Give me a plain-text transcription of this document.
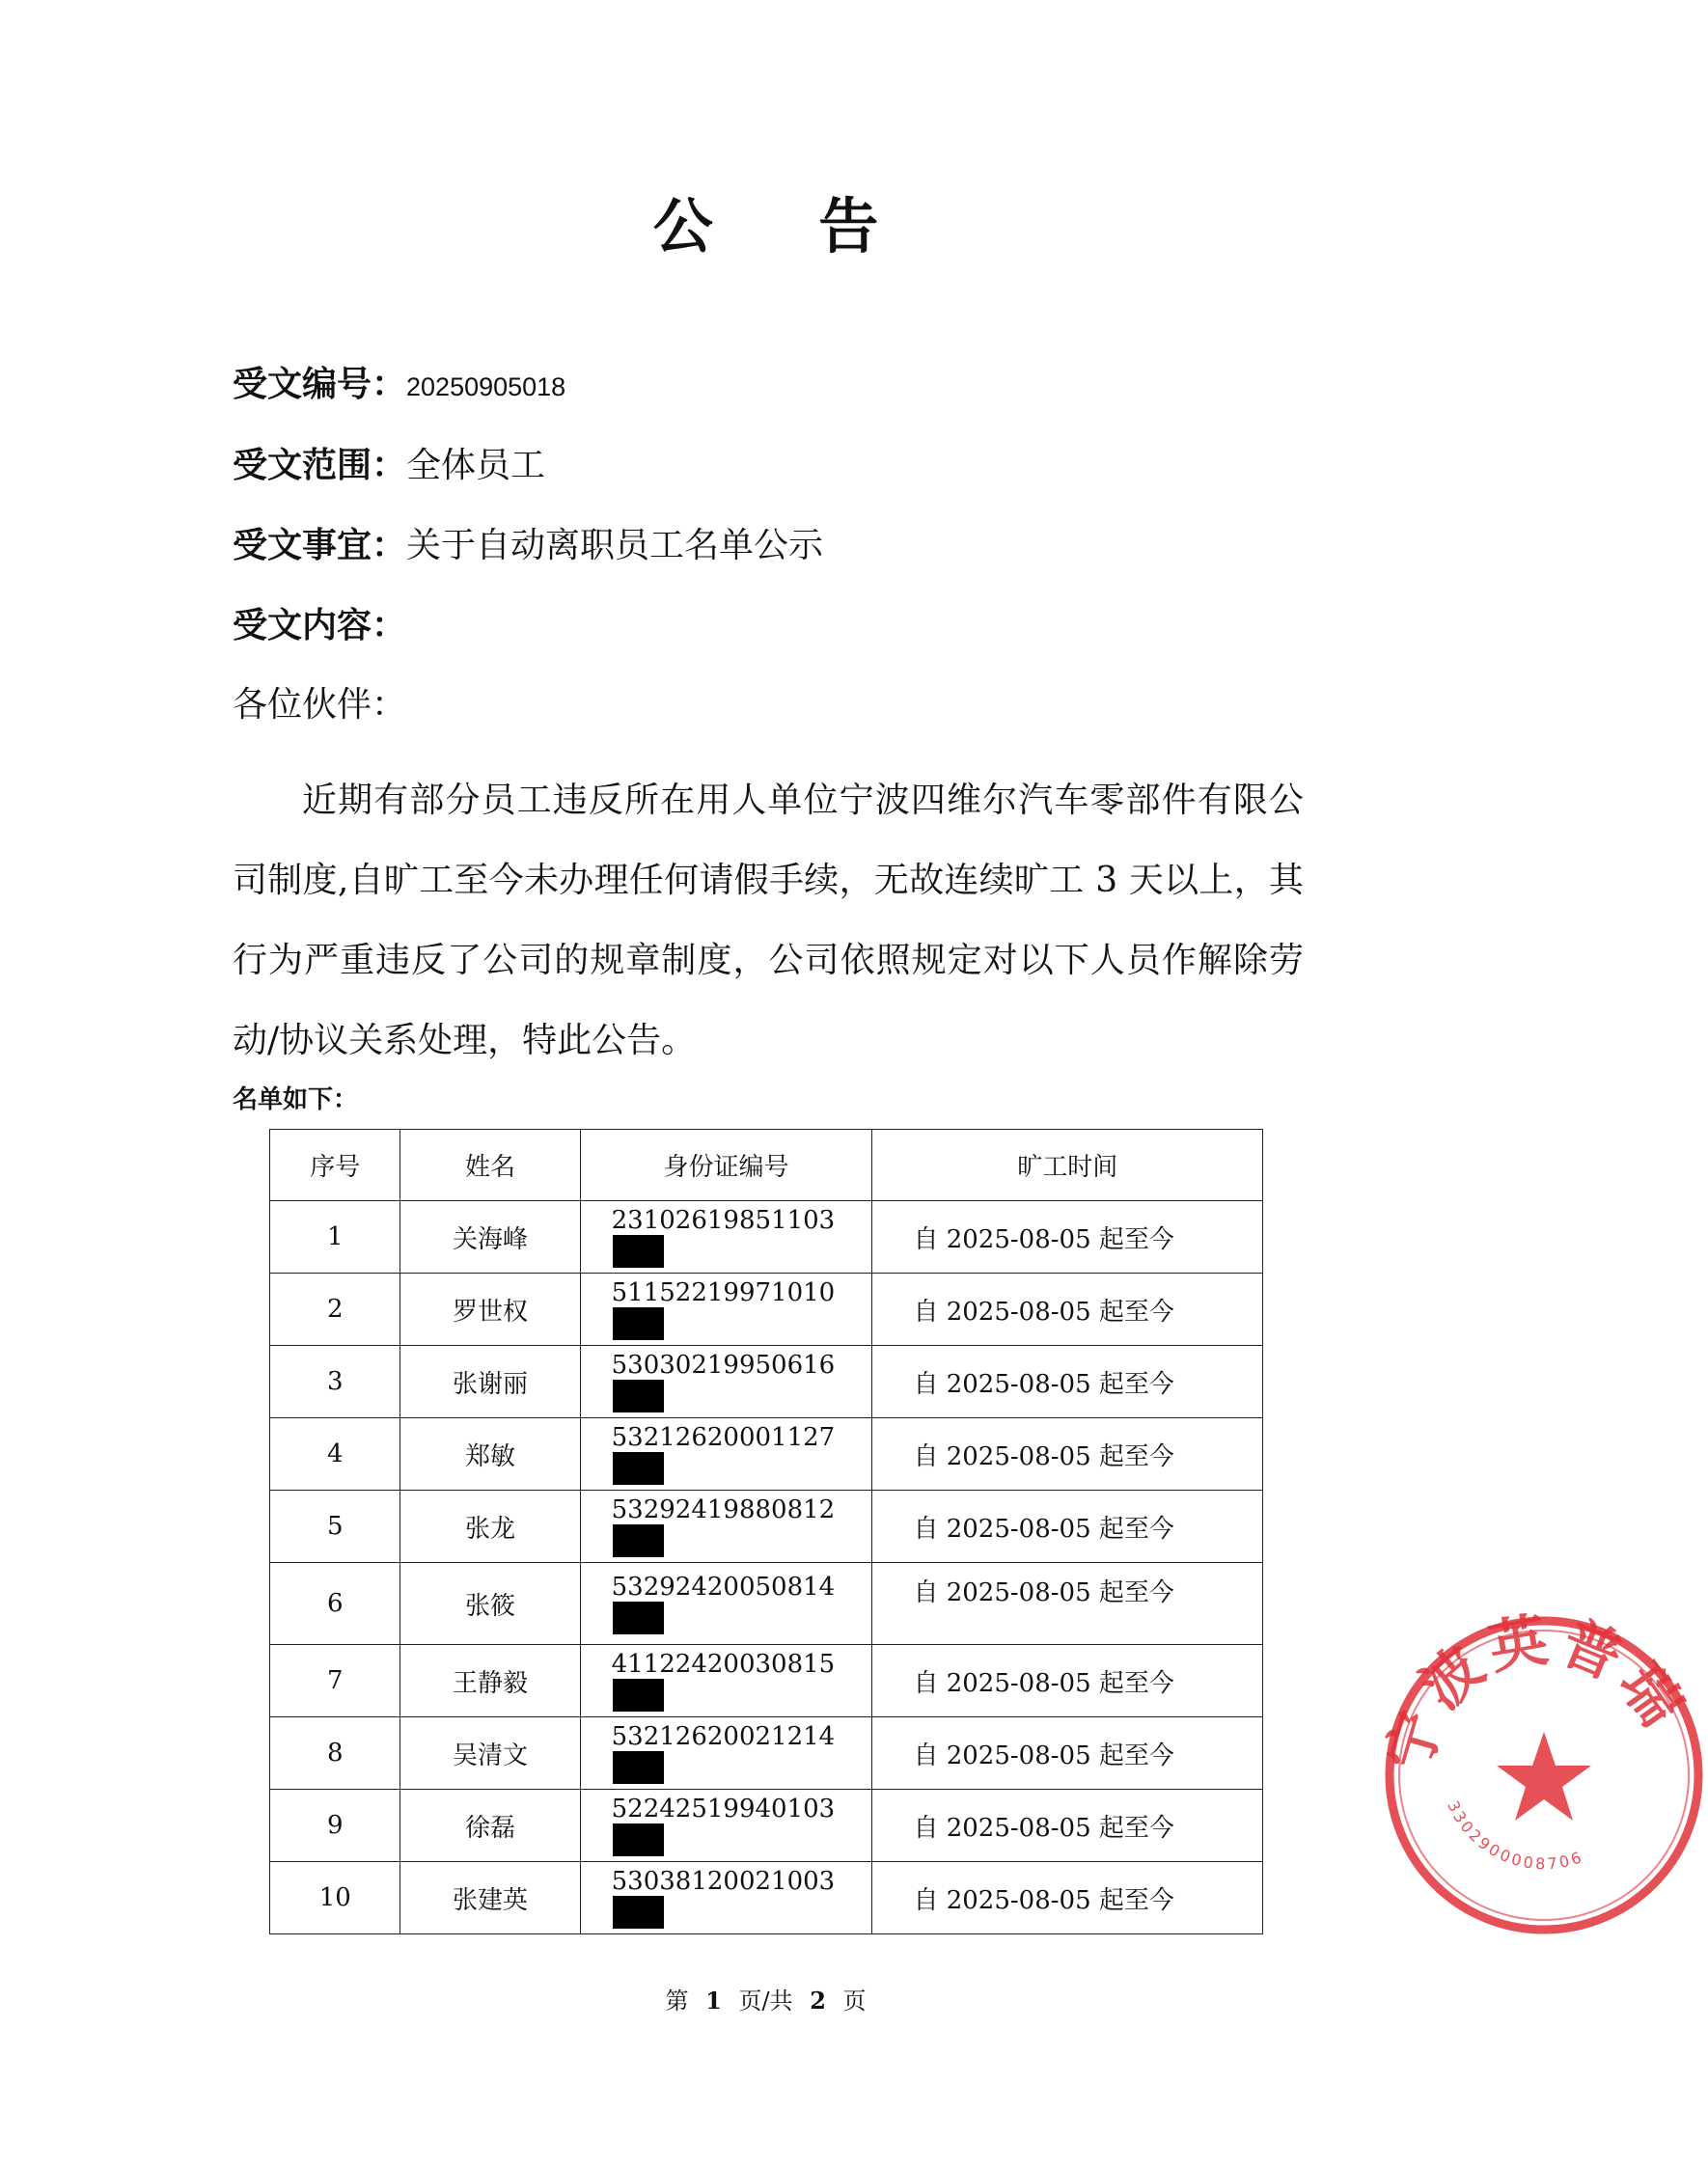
公 告
受文编号：20250905018
受文范围：全体员工
受文事宜：关于自动离职员工名单公示
受文内容：
各位伙伴：
近期有部分员工违反所在用人单位宁波四维尔汽车零部件有限公司制度,自旷工至今未办理任何请假手续，无故连续旷工 3 天以上，其行为严重违反了公司的规章制度，公司依照规定对以下人员作解除劳动/协议关系处理，特此公告。
名单如下：
序号	姓名	身份证编号	旷工时间
1	关海峰	23102619851103	自 2025-08-05 起至今
2	罗世权	51152219971010	自 2025-08-05 起至今
3	张谢丽	53030219950616	自 2025-08-05 起至今
4	郑敏	53212620001127	自 2025-08-05 起至今
5	张龙	53292419880812	自 2025-08-05 起至今
6	张筱	53292420050814	自 2025-08-05 起至今
7	王静毅	41122420030815	自 2025-08-05 起至今
8	吴清文	53212620021214	自 2025-08-05 起至今
9	徐磊	52242519940103	自 2025-08-05 起至今
10	张建英	53038120021003	自 2025-08-05 起至今
第 1 页/共 2 页
宁波英普瑞
3302900008706
